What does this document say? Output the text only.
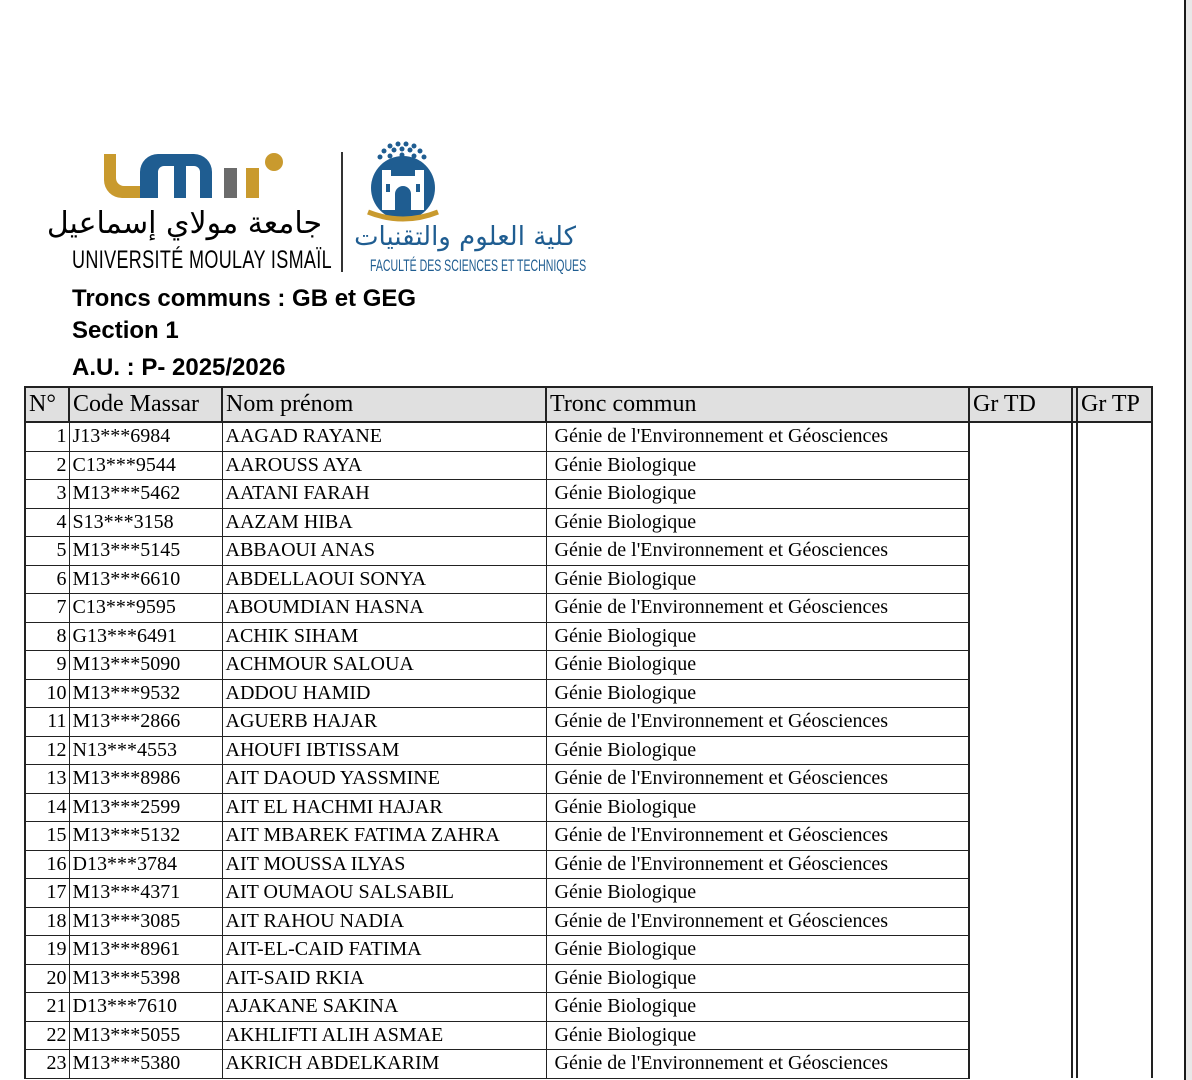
جامعة مولاي إسماعيل
UNIVERSITÉ MOULAY ISMAÏL
كلية العلوم والتقنيات
FACULTÉ DES SCIENCES ET TECHNIQUES
Troncs communs : GB et GEG
Section 1
A.U. : P- 2025/2026
N°	Code Massar	Nom prénom	Tronc commun	Gr TD		Gr TP
1	J13***6984	AAGAD RAYANE	Génie de l'Environnement et Géosciences			
2	C13***9544	AAROUSS AYA	Génie Biologique			
3	M13***5462	AATANI FARAH	Génie Biologique			
4	S13***3158	AAZAM HIBA	Génie Biologique			
5	M13***5145	ABBAOUI ANAS	Génie de l'Environnement et Géosciences			
6	M13***6610	ABDELLAOUI SONYA	Génie Biologique			
7	C13***9595	ABOUMDIAN HASNA	Génie de l'Environnement et Géosciences			
8	G13***6491	ACHIK SIHAM	Génie Biologique			
9	M13***5090	ACHMOUR SALOUA	Génie Biologique			
10	M13***9532	ADDOU HAMID	Génie Biologique			
11	M13***2866	AGUERB HAJAR	Génie de l'Environnement et Géosciences			
12	N13***4553	AHOUFI IBTISSAM	Génie Biologique			
13	M13***8986	AIT DAOUD YASSMINE	Génie de l'Environnement et Géosciences			
14	M13***2599	AIT EL HACHMI HAJAR	Génie Biologique			
15	M13***5132	AIT MBAREK FATIMA ZAHRA	Génie de l'Environnement et Géosciences			
16	D13***3784	AIT MOUSSA ILYAS	Génie de l'Environnement et Géosciences			
17	M13***4371	AIT OUMAOU SALSABIL	Génie Biologique			
18	M13***3085	AIT RAHOU NADIA	Génie de l'Environnement et Géosciences			
19	M13***8961	AIT-EL-CAID FATIMA	Génie Biologique			
20	M13***5398	AIT-SAID RKIA	Génie Biologique			
21	D13***7610	AJAKANE SAKINA	Génie Biologique			
22	M13***5055	AKHLIFTI ALIH ASMAE	Génie Biologique			
23	M13***5380	AKRICH ABDELKARIM	Génie de l'Environnement et Géosciences			
